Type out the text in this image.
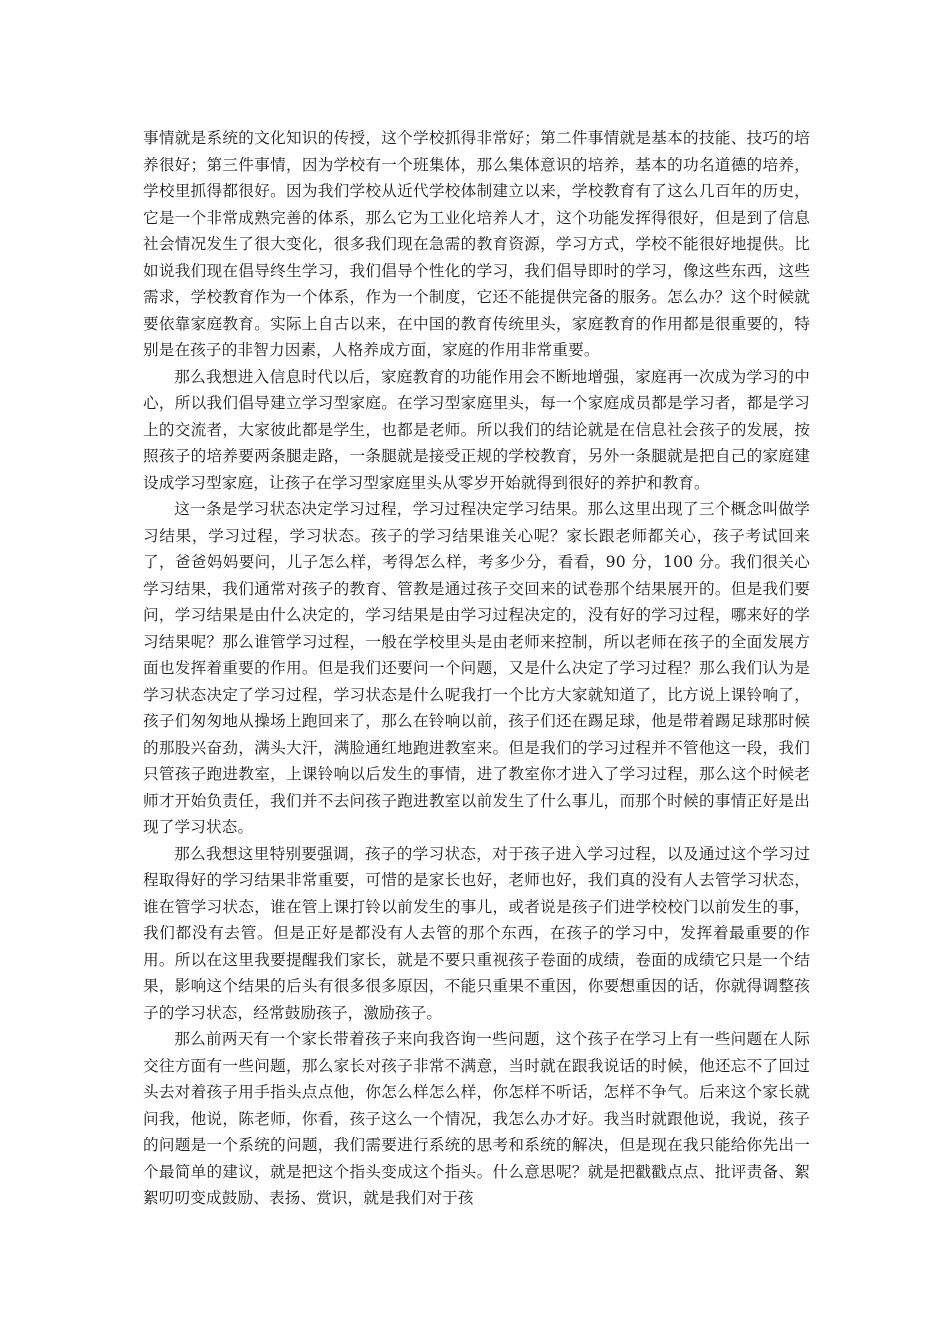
事情就是系统的文化知识的传授，这个学校抓得非常好；第二件事情就是基本的技能、技巧的培养很好；第三件事情，因为学校有一个班集体，那么集体意识的培养，基本的功名道德的培养，学校里抓得都很好。因为我们学校从近代学校体制建立以来，学校教育有了这么几百年的历史，它是一个非常成熟完善的体系，那么它为工业化培养人才，这个功能发挥得很好，但是到了信息社会情况发生了很大变化，很多我们现在急需的教育资源，学习方式，学校不能很好地提供。比如说我们现在倡导终生学习，我们倡导个性化的学习，我们倡导即时的学习，像这些东西，这些需求，学校教育作为一个体系，作为一个制度，它还不能提供完备的服务。怎么办？这个时候就要依靠家庭教育。实际上自古以来，在中国的教育传统里头，家庭教育的作用都是很重要的，特别是在孩子的非智力因素，人格养成方面，家庭的作用非常重要。

那么我想进入信息时代以后，家庭教育的功能作用会不断地增强，家庭再一次成为学习的中心，所以我们倡导建立学习型家庭。在学习型家庭里头，每一个家庭成员都是学习者，都是学习上的交流者，大家彼此都是学生，也都是老师。所以我们的结论就是在信息社会孩子的发展，按照孩子的培养要两条腿走路，一条腿就是接受正规的学校教育，另外一条腿就是把自己的家庭建设成学习型家庭，让孩子在学习型家庭里头从零岁开始就得到很好的养护和教育。

这一条是学习状态决定学习过程，学习过程决定学习结果。那么这里出现了三个概念叫做学习结果，学习过程，学习状态。孩子的学习结果谁关心呢？家长跟老师都关心，孩子考试回来了，爸爸妈妈要问，儿子怎么样，考得怎么样，考多少分，看看，90 分，100 分。我们很关心学习结果，我们通常对孩子的教育、管教是通过孩子交回来的试卷那个结果展开的。但是我们要问，学习结果是由什么决定的，学习结果是由学习过程决定的，没有好的学习过程，哪来好的学习结果呢？那么谁管学习过程，一般在学校里头是由老师来控制，所以老师在孩子的全面发展方面也发挥着重要的作用。但是我们还要问一个问题，又是什么决定了学习过程？那么我们认为是学习状态决定了学习过程，学习状态是什么呢我打一个比方大家就知道了，比方说上课铃响了，孩子们匆匆地从操场上跑回来了，那么在铃响以前，孩子们还在踢足球，他是带着踢足球那时候的那股兴奋劲，满头大汗，满脸通红地跑进教室来。但是我们的学习过程并不管他这一段，我们只管孩子跑进教室，上课铃响以后发生的事情，进了教室你才进入了学习过程，那么这个时候老师才开始负责任，我们并不去问孩子跑进教室以前发生了什么事儿，而那个时候的事情正好是出现了学习状态。

那么我想这里特别要强调，孩子的学习状态，对于孩子进入学习过程，以及通过这个学习过程取得好的学习结果非常重要，可惜的是家长也好，老师也好，我们真的没有人去管学习状态，谁在管学习状态，谁在管上课打铃以前发生的事儿，或者说是孩子们进学校校门以前发生的事，我们都没有去管。但是正好是都没有人去管的那个东西，在孩子的学习中，发挥着最重要的作用。所以在这里我要提醒我们家长，就是不要只重视孩子卷面的成绩，卷面的成绩它只是一个结果，影响这个结果的后头有很多很多原因，不能只重果不重因，你要想重因的话，你就得调整孩子的学习状态，经常鼓励孩子，激励孩子。

那么前两天有一个家长带着孩子来向我咨询一些问题，这个孩子在学习上有一些问题在人际交往方面有一些问题，那么家长对孩子非常不满意，当时就在跟我说话的时候，他还忘不了回过头去对着孩子用手指头点点他，你怎么样怎么样，你怎样不听话，怎样不争气。后来这个家长就问我，他说，陈老师，你看，孩子这么一个情况，我怎么办才好。我当时就跟他说，我说，孩子的问题是一个系统的问题，我们需要进行系统的思考和系统的解决，但是现在我只能给你先出一个最简单的建议，就是把这个指头变成这个指头。什么意思呢？就是把戳戳点点、批评责备、絮絮叨叨变成鼓励、表扬、赏识，就是我们对于孩
